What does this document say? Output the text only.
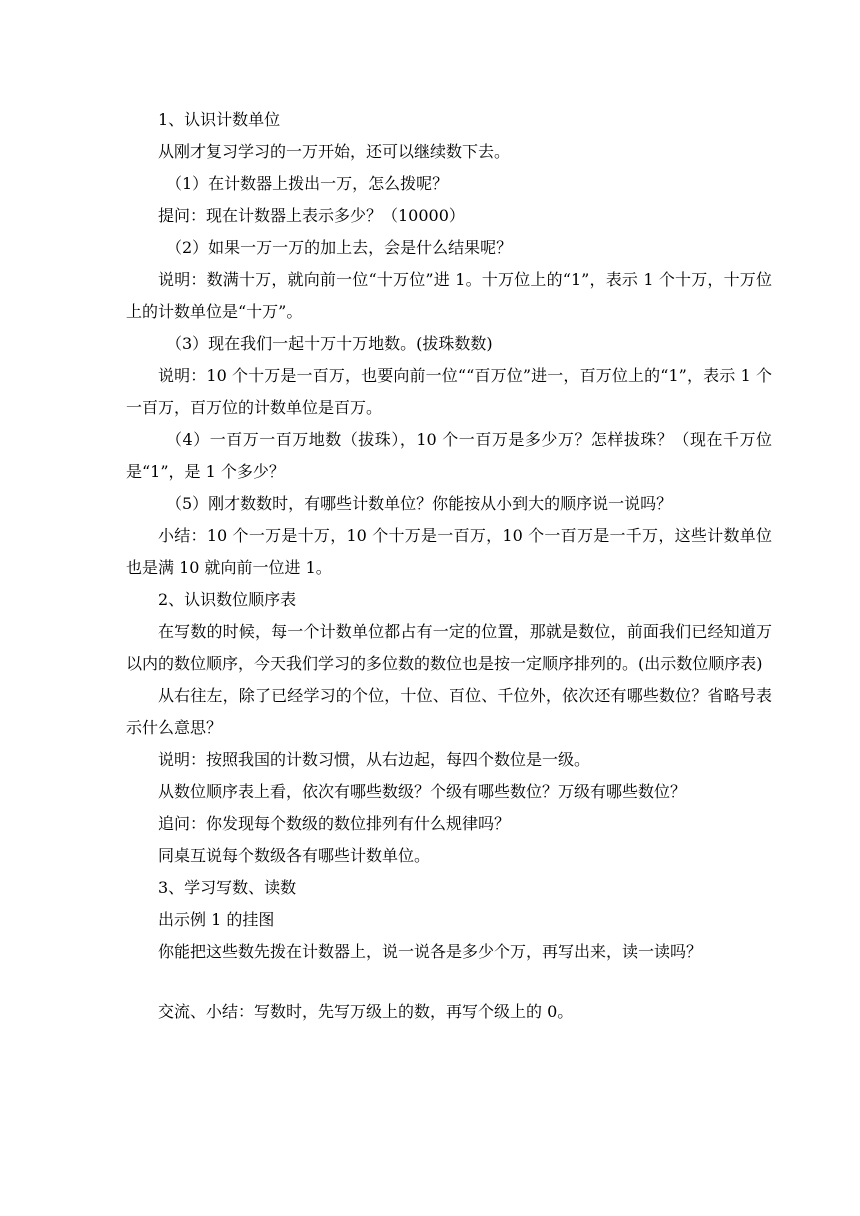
1、认识计数单位

从刚才复习学习的一万开始，还可以继续数下去。

（1）在计数器上拨出一万，怎么拨呢？

提问：现在计数器上表示多少？（10000）

（2）如果一万一万的加上去，会是什么结果呢？

说明：数满十万，就向前一位“十万位”进 1。十万位上的“1”，表示 1 个十万，十万位上的计数单位是“十万”。

（3）现在我们一起十万十万地数。(拔珠数数)

说明：10 个十万是一百万，也要向前一位““百万位”进一，百万位上的“1”，表示 1 个一百万，百万位的计数单位是百万。

（4）一百万一百万地数（拔珠），10 个一百万是多少万？怎样拔珠？（现在千万位是“1”，是 1 个多少？

（5）刚才数数时，有哪些计数单位？你能按从小到大的顺序说一说吗？

小结：10 个一万是十万，10 个十万是一百万，10 个一百万是一千万，这些计数单位也是满 10 就向前一位进 1。

2、认识数位顺序表

在写数的时候，每一个计数单位都占有一定的位置，那就是数位，前面我们已经知道万以内的数位顺序，今天我们学习的多位数的数位也是按一定顺序排列的。(出示数位顺序表)

从右往左，除了已经学习的个位，十位、百位、千位外，依次还有哪些数位？省略号表示什么意思？

说明：按照我国的计数习惯，从右边起，每四个数位是一级。

从数位顺序表上看，依次有哪些数级？个级有哪些数位？万级有哪些数位？

追问：你发现每个数级的数位排列有什么规律吗？

同桌互说每个数级各有哪些计数单位。

3、学习写数、读数

出示例 1 的挂图

你能把这些数先拨在计数器上，说一说各是多少个万，再写出来，读一读吗？

交流、小结：写数时，先写万级上的数，再写个级上的 0。
